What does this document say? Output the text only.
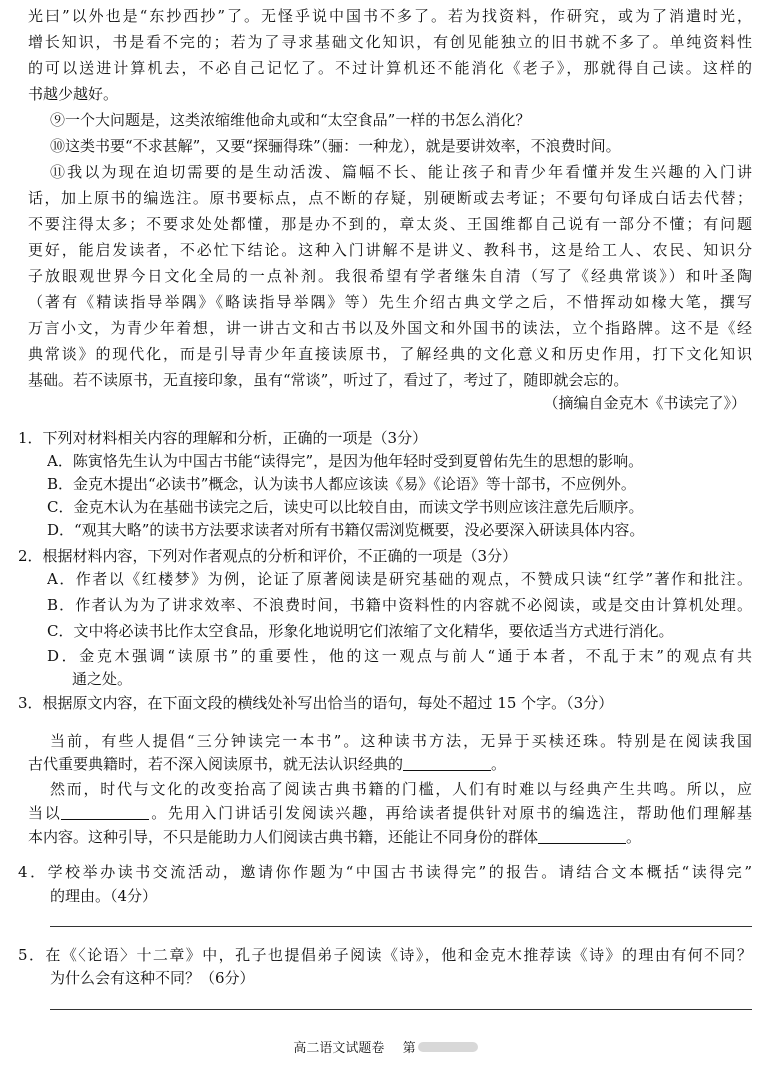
光曰”以外也是“东抄西抄”了。无怪乎说中国书不多了。若为找资料，作研究，或为了消遣时光，
增长知识，书是看不完的；若为了寻求基础文化知识，有创见能独立的旧书就不多了。单纯资料性
的可以送进计算机去，不必自己记忆了。不过计算机还不能消化《老子》，那就得自己读。这样的
书越少越好。
⑨一个大问题是，这类浓缩维他命丸或和“太空食品”一样的书怎么消化？
⑩这类书要“不求甚解”，又要“探骊得珠”（骊：一种龙），就是要讲效率，不浪费时间。
⑪我以为现在迫切需要的是生动活泼、篇幅不长、能让孩子和青少年看懂并发生兴趣的入门讲
话，加上原书的编选注。原书要标点，点不断的存疑，别硬断或去考证；不要句句译成白话去代替；
不要注得太多；不要求处处都懂，那是办不到的，章太炎、王国维都自己说有一部分不懂；有问题
更好，能启发读者，不必忙下结论。这种入门讲解不是讲义、教科书，这是给工人、农民、知识分
子放眼观世界今日文化全局的一点补剂。我很希望有学者继朱自清（写了《经典常谈》）和叶圣陶
（著有《精读指导举隅》《略读指导举隅》等）先生介绍古典文学之后，不惜挥动如椽大笔，撰写
万言小文，为青少年着想，讲一讲古文和古书以及外国文和外国书的读法，立个指路牌。这不是《经
典常谈》的现代化，而是引导青少年直接读原书，了解经典的文化意义和历史作用，打下文化知识
基础。若不读原书，无直接印象，虽有“常谈”，听过了，看过了，考过了，随即就会忘的。
（摘编自金克木《书读完了》）
1．下列对材料相关内容的理解和分析，正确的一项是（3分）
A．陈寅恪先生认为中国古书能“读得完”，是因为他年轻时受到夏曾佑先生的思想的影响。
B．金克木提出“必读书”概念，认为读书人都应该读《易》《论语》等十部书，不应例外。
C．金克木认为在基础书读完之后，读史可以比较自由，而读文学书则应该注意先后顺序。
D．“观其大略”的读书方法要求读者对所有书籍仅需浏览概要，没必要深入研读具体内容。
2．根据材料内容，下列对作者观点的分析和评价，不正确的一项是（3分）
A．作者以《红楼梦》为例，论证了原著阅读是研究基础的观点，不赞成只读“红学”著作和批注。
B．作者认为为了讲求效率、不浪费时间，书籍中资料性的内容就不必阅读，或是交由计算机处理。
C．文中将必读书比作太空食品，形象化地说明它们浓缩了文化精华，要依适当方式进行消化。
D．金克木强调“读原书”的重要性，他的这一观点与前人“通于本者，不乱于末”的观点有共
通之处。
3．根据原文内容，在下面文段的横线处补写出恰当的语句，每处不超过 15 个字。（3分）
当前，有些人提倡“三分钟读完一本书”。这种读书方法，无异于买椟还珠。特别是在阅读我国
古代重要典籍时，若不深入阅读原书，就无法认识经典的	。
然而，时代与文化的改变抬高了阅读古典书籍的门槛，人们有时难以与经典产生共鸣。所以，应
当以	。先用入门讲话引发阅读兴趣，再给读者提供针对原书的编选注，帮助他们理解基
本内容。这种引导，不只是能助力人们阅读古典书籍，还能让不同身份的群体	。
4．学校举办读书交流活动，邀请你作题为“中国古书读得完”的报告。请结合文本概括“读得完”
的理由。（4分）
5．在《〈论语〉十二章》中，孔子也提倡弟子阅读《诗》，他和金克木推荐读《诗》的理由有何不同？
为什么会有这种不同？（6分）
高二语文试题卷 第
